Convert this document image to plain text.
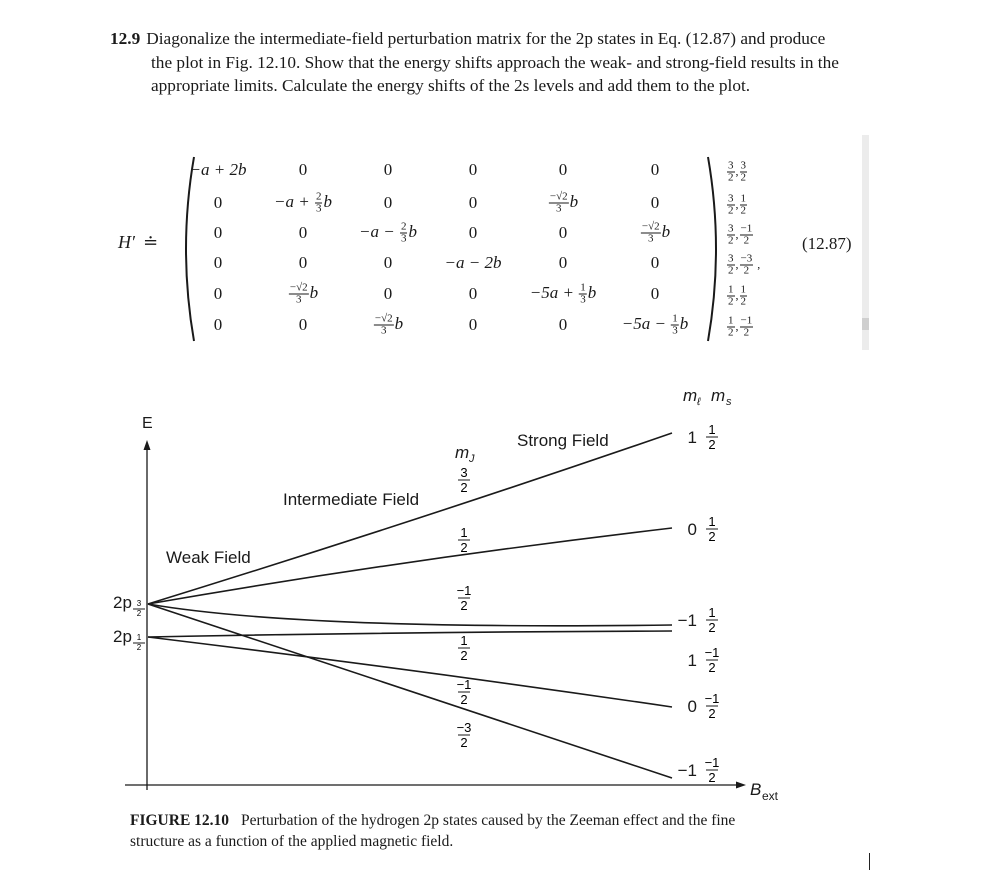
12.9 Diagonalize the intermediate-field perturbation matrix for the 2p states in Eq. (12.87) and produce the plot in Fig. 12.10. Show that the energy shifts approach the weak- and strong-field results in the appropriate limits. Calculate the energy shifts of the 2s levels and add them to the plot.
H′ ≐	(12.87)
−a + 2b	0	0	0	0	0
0	$-a + \frac{2}{3}$ b	0	0	$\frac{-√2}{3}$ b	0
0	0	$-a - \frac{2}{3}$ b	0	0	$\frac{-√2}{3}$ b
0	0	0	−a − 2b	0	0
0	$\frac{-√2}{3}$ b	0	0	$-5a + \frac{1}{3}$ b	0
0	0	$\frac{-√2}{3}$ b	0	0	$-5a - \frac{1}{3}$ b
$\frac{3}{2}$ , $\frac{3}{2}$
$\frac{3}{2}$ , $\frac{1}{2}$
$\frac{3}{2}$ , $\frac{-1}{2}$
$\frac{3}{2}$ , $\frac{-3}{2}$ ,
$\frac{1}{2}$ , $\frac{1}{2}$
$\frac{1}{2}$ , $\frac{-1}{2}$
E
B ext
2p 3
2
2p 1
2
Weak Field
Intermediate Field
Strong Field
m J
3
2
1
2
−1
2
1
2
−1
2
−3
2
m ℓ m s
1 1
2
0 1
2
−1 1
2
1 −1
2
0 −1
2
−1 −1
2
FIGURE 12.10 Perturbation of the hydrogen 2p states caused by the Zeeman effect and the fine structure as a function of the applied magnetic field.
